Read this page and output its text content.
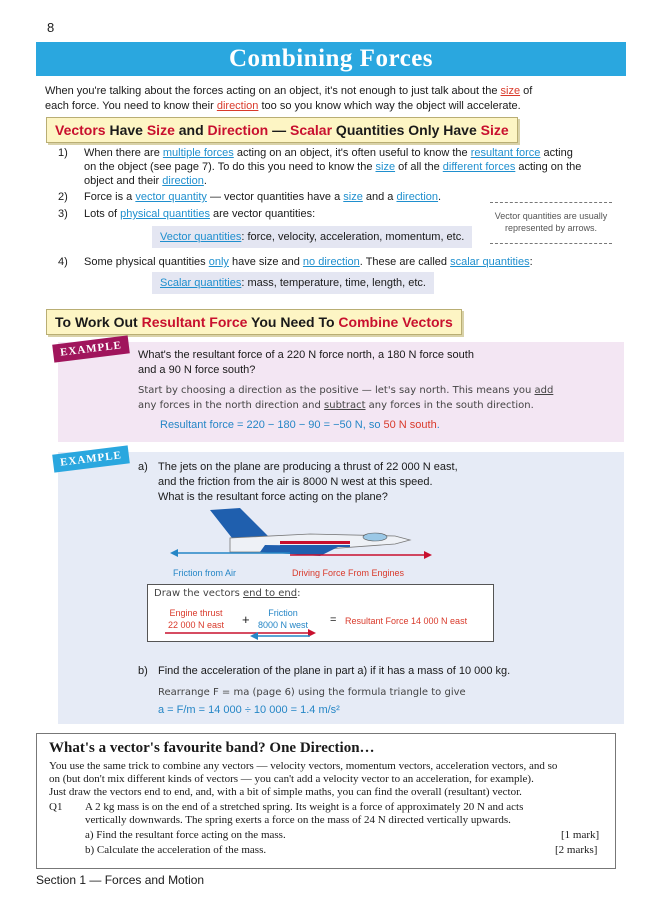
8
Combining Forces
When you're talking about the forces acting on an object, it's not enough to just talk about the size of
each force. You need to know their direction too so you know which way the object will accelerate.
Vectors Have Size and Direction — Scalar Quantities Only Have Size
1) When there are multiple forces acting on an object, it's often useful to know the resultant force acting
on the object (see page 7). To do this you need to know the size of all the different forces acting on the
object and their direction.
2) Force is a vector quantity — vector quantities have a size and a direction.
3) Lots of physical quantities are vector quantities:	Vector quantities are usually
represented by arrows.
Vector quantities: force, velocity, acceleration, momentum, etc.
4) Some physical quantities only have size and no direction. These are called scalar quantities:
Scalar quantities: mass, temperature, time, length, etc.
To Work Out Resultant Force You Need To Combine Vectors
EXAMPLE	What's the resultant force of a 220 N force north, a 180 N force south
and a 90 N force south?
Start by choosing a direction as the positive — let's say north. This means you add
any forces in the north direction and subtract any forces in the south direction.
Resultant force = 220 − 180 − 90 = −50 N, so 50 N south.
EXAMPLE	a) The jets on the plane are producing a thrust of 22 000 N east,
and the friction from the air is 8000 N west at this speed.
What is the resultant force acting on the plane?
Friction from Air	Driving Force From Engines
Draw the vectors end to end:
Engine thrust
22 000 N east +	Friction
8000 N west = Resultant Force 14 000 N east
b) Find the acceleration of the plane in part a) if it has a mass of 10 000 kg.
Rearrange F = ma (page 6) using the formula triangle to give
a = F/m = 14 000 ÷ 10 000 = 1.4 m/s²
What's a vector's favourite band? One Direction…
You use the same trick to combine any vectors — velocity vectors, momentum vectors, acceleration vectors, and so
on (but don't mix different kinds of vectors — you can't add a velocity vector to an acceleration, for example).
Just draw the vectors end to end, and, with a bit of simple maths, you can find the overall (resultant) vector.
Q1 A 2 kg mass is on the end of a stretched spring. Its weight is a force of approximately 20 N and acts
vertically downwards. The spring exerts a force on the mass of 24 N directed vertically upwards.
a) Find the resultant force acting on the mass.	[1 mark]
b) Calculate the acceleration of the mass.	[2 marks]
Section 1 — Forces and Motion
